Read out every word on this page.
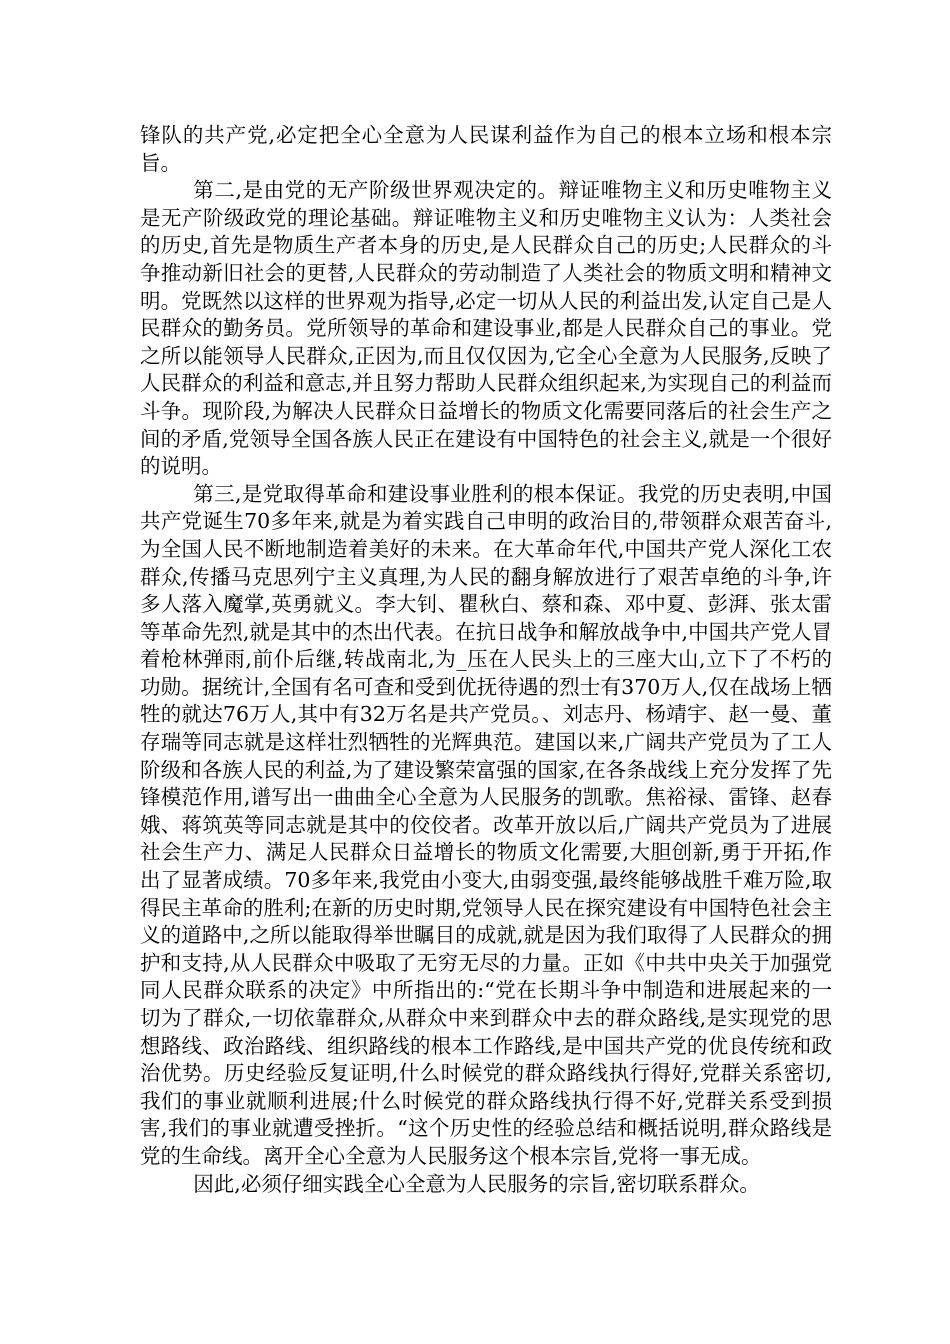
锋队的共产党,必定把全心全意为人民谋利益作为自己的根本立场和根本宗旨。

第二,是由党的无产阶级世界观决定的。辩证唯物主义和历史唯物主义是无产阶级政党的理论基础。辩证唯物主义和历史唯物主义认为：人类社会的历史,首先是物质生产者本身的历史,是人民群众自己的历史;人民群众的斗争推动新旧社会的更替,人民群众的劳动制造了人类社会的物质文明和精神文明。党既然以这样的世界观为指导,必定一切从人民的利益出发,认定自己是人民群众的勤务员。党所领导的革命和建设事业,都是人民群众自己的事业。党之所以能领导人民群众,正因为,而且仅仅因为,它全心全意为人民服务,反映了人民群众的利益和意志,并且努力帮助人民群众组织起来,为实现自己的利益而斗争。现阶段,为解决人民群众日益增长的物质文化需要同落后的社会生产之间的矛盾,党领导全国各族人民正在建设有中国特色的社会主义,就是一个很好的说明。

第三,是党取得革命和建设事业胜利的根本保证。我党的历史表明,中国共产党诞生70多年来,就是为着实践自己申明的政治目的,带领群众艰苦奋斗,为全国人民不断地制造着美好的未来。在大革命年代,中国共产党人深化工农群众,传播马克思列宁主义真理,为人民的翻身解放进行了艰苦卓绝的斗争,许多人落入魔掌,英勇就义。李大钊、瞿秋白、蔡和森、邓中夏、彭湃、张太雷等革命先烈,就是其中的杰出代表。在抗日战争和解放战争中,中国共产党人冒着枪林弹雨,前仆后继,转战南北,为_压在人民头上的三座大山,立下了不朽的功勋。据统计,全国有名可查和受到优抚待遇的烈士有370万人,仅在战场上牺牲的就达76万人,其中有32万名是共产党员。、刘志丹、杨靖宇、赵一曼、董存瑞等同志就是这样壮烈牺牲的光辉典范。建国以来,广阔共产党员为了工人阶级和各族人民的利益,为了建设繁荣富强的国家,在各条战线上充分发挥了先锋模范作用,谱写出一曲曲全心全意为人民服务的凯歌。焦裕禄、雷锋、赵春娥、蒋筑英等同志就是其中的佼佼者。改革开放以后,广阔共产党员为了进展社会生产力、满足人民群众日益增长的物质文化需要,大胆创新,勇于开拓,作出了显著成绩。70多年来,我党由小变大,由弱变强,最终能够战胜千难万险,取得民主革命的胜利;在新的历史时期,党领导人民在探究建设有中国特色社会主义的道路中,之所以能取得举世瞩目的成就,就是因为我们取得了人民群众的拥护和支持,从人民群众中吸取了无穷无尽的力量。正如《中共中央关于加强党同人民群众联系的决定》中所指出的:“党在长期斗争中制造和进展起来的一切为了群众,一切依靠群众,从群众中来到群众中去的群众路线,是实现党的思想路线、政治路线、组织路线的根本工作路线,是中国共产党的优良传统和政治优势。历史经验反复证明,什么时候党的群众路线执行得好,党群关系密切,我们的事业就顺利进展;什么时候党的群众路线执行得不好,党群关系受到损害,我们的事业就遭受挫折。“这个历史性的经验总结和概括说明,群众路线是党的生命线。离开全心全意为人民服务这个根本宗旨,党将一事无成。

因此,必须仔细实践全心全意为人民服务的宗旨,密切联系群众。
